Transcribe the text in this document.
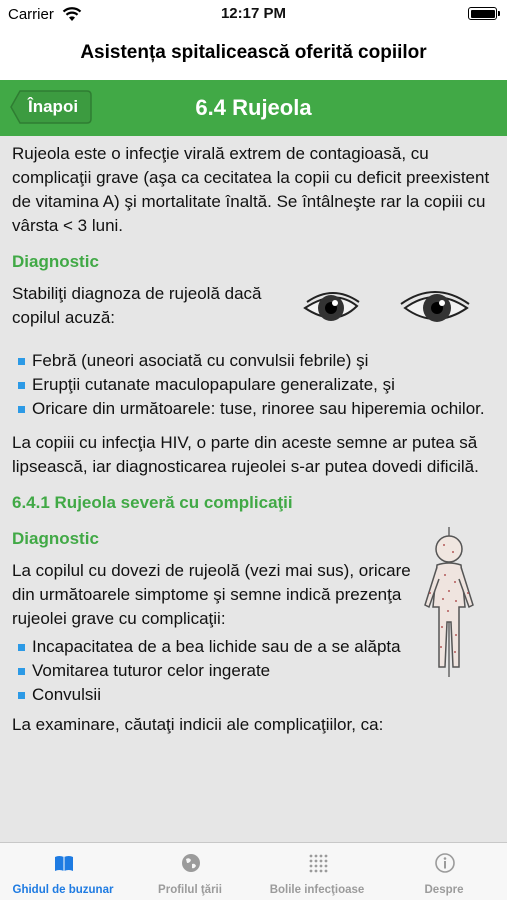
Carrier	12:17 PM
Asistența spitalicească oferită copiilor
Înapoi	6.4 Rujeola

Rujeola este o infecţie virală extrem de contagioasă, cu complicaţii grave (aşa ca cecitatea la copii cu deficit preexistent de vitamina A) şi mortalitate înaltă. Se întâlneşte rar la copiii cu vârsta < 3 luni.

Diagnostic

Stabiliţi diagnoza de rujeolă dacă copilul acuză:

Febră (uneori asociată cu convulsii febrile) şi
Erupţii cutanate maculopapulare generalizate, şi
Oricare din următoarele: tuse, rinoree sau hiperemia ochilor.

La copiii cu infecţia HIV, o parte din aceste semne ar putea să lipsească, iar diagnosticarea rujeolei s-ar putea dovedi dificilă.

6.4.1 Rujeola severă cu complicaţii
Diagnostic

La copilul cu dovezi de rujeolă (vezi mai sus), oricare din următoarele simptome şi semne indică prezenţa rujeolei grave cu complicaţii:

Incapacitatea de a bea lichide sau de a se alăpta
Vomitarea tuturor celor ingerate
Convulsii

La examinare, căutaţi indicii ale complicaţiilor, ca:

Ghidul de buzunar	Profilul ţării	Bolile infecţioase	Despre
